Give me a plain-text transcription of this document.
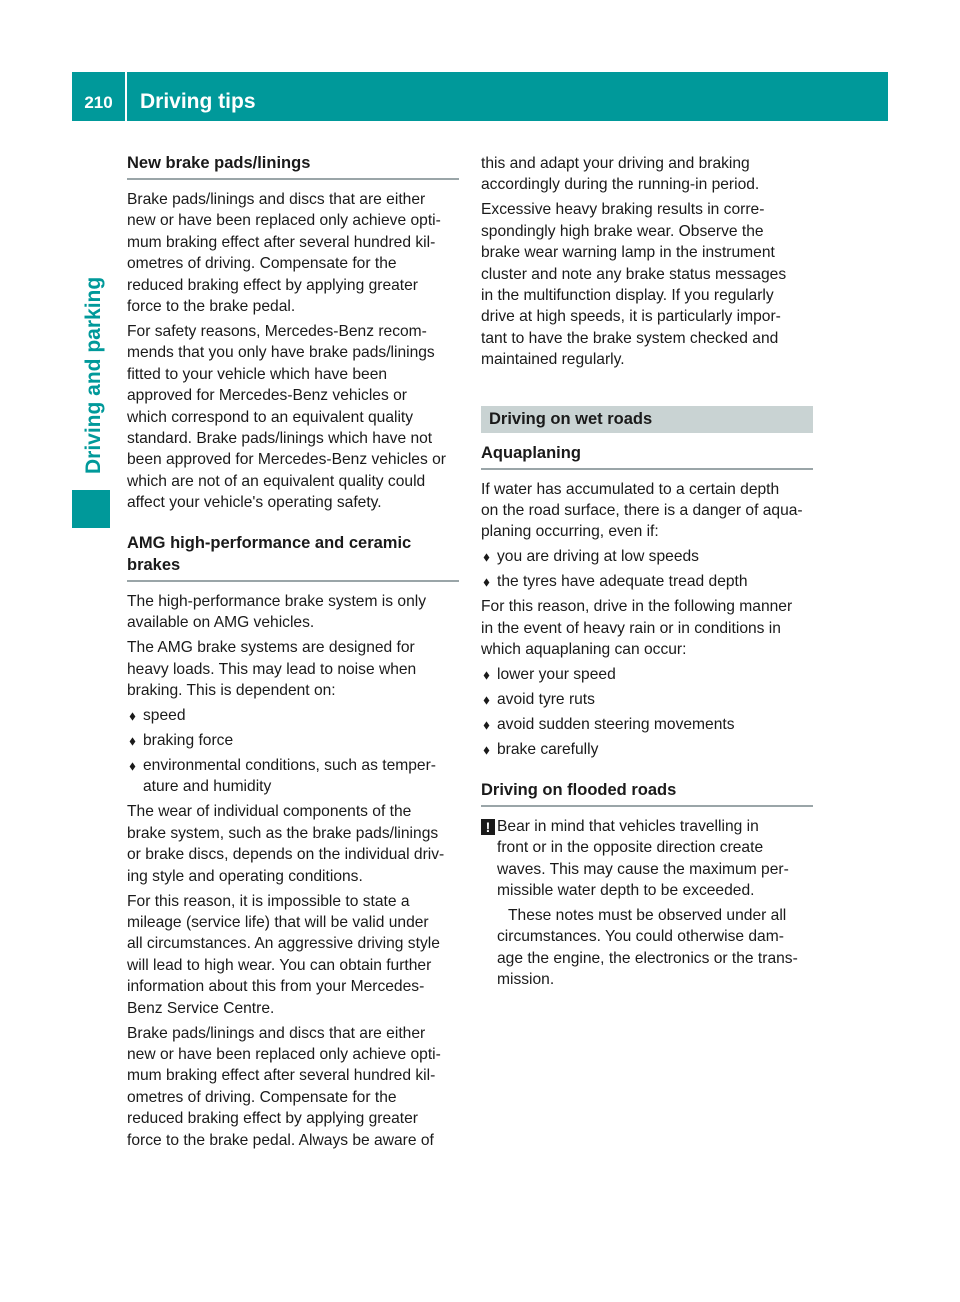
210	Driving tips
Driving and parking
New brake pads/linings
Brake pads/linings and discs that are either
new or have been replaced only achieve opti-
mum braking effect after several hundred kil-
ometres of driving. Compensate for the
reduced braking effect by applying greater
force to the brake pedal.
For safety reasons, Mercedes-Benz recom-
mends that you only have brake pads/linings
fitted to your vehicle which have been
approved for Mercedes-Benz vehicles or
which correspond to an equivalent quality
standard. Brake pads/linings which have not
been approved for Mercedes-Benz vehicles or
which are not of an equivalent quality could
affect your vehicle's operating safety.
AMG high-performance and ceramic
brakes
The high-performance brake system is only
available on AMG vehicles.
The AMG brake systems are designed for
heavy loads. This may lead to noise when
braking. This is dependent on:
speed
braking force
environmental conditions, such as temper-
ature and humidity
The wear of individual components of the
brake system, such as the brake pads/linings
or brake discs, depends on the individual driv-
ing style and operating conditions.
For this reason, it is impossible to state a
mileage (service life) that will be valid under
all circumstances. An aggressive driving style
will lead to high wear. You can obtain further
information about this from your Mercedes-
Benz Service Centre.
Brake pads/linings and discs that are either
new or have been replaced only achieve opti-
mum braking effect after several hundred kil-
ometres of driving. Compensate for the
reduced braking effect by applying greater
force to the brake pedal. Always be aware of
this and adapt your driving and braking
accordingly during the running-in period.
Excessive heavy braking results in corre-
spondingly high brake wear. Observe the
brake wear warning lamp in the instrument
cluster and note any brake status messages
in the multifunction display. If you regularly
drive at high speeds, it is particularly impor-
tant to have the brake system checked and
maintained regularly.
Driving on wet roads
Aquaplaning
If water has accumulated to a certain depth
on the road surface, there is a danger of aqua-
planing occurring, even if:
you are driving at low speeds
the tyres have adequate tread depth
For this reason, drive in the following manner
in the event of heavy rain or in conditions in
which aquaplaning can occur:
lower your speed
avoid tyre ruts
avoid sudden steering movements
brake carefully
Driving on flooded roads
! Bear in mind that vehicles travelling in
front or in the opposite direction create
waves. This may cause the maximum per-
missible water depth to be exceeded.
These notes must be observed under all
circumstances. You could otherwise dam-
age the engine, the electronics or the trans-
mission.
